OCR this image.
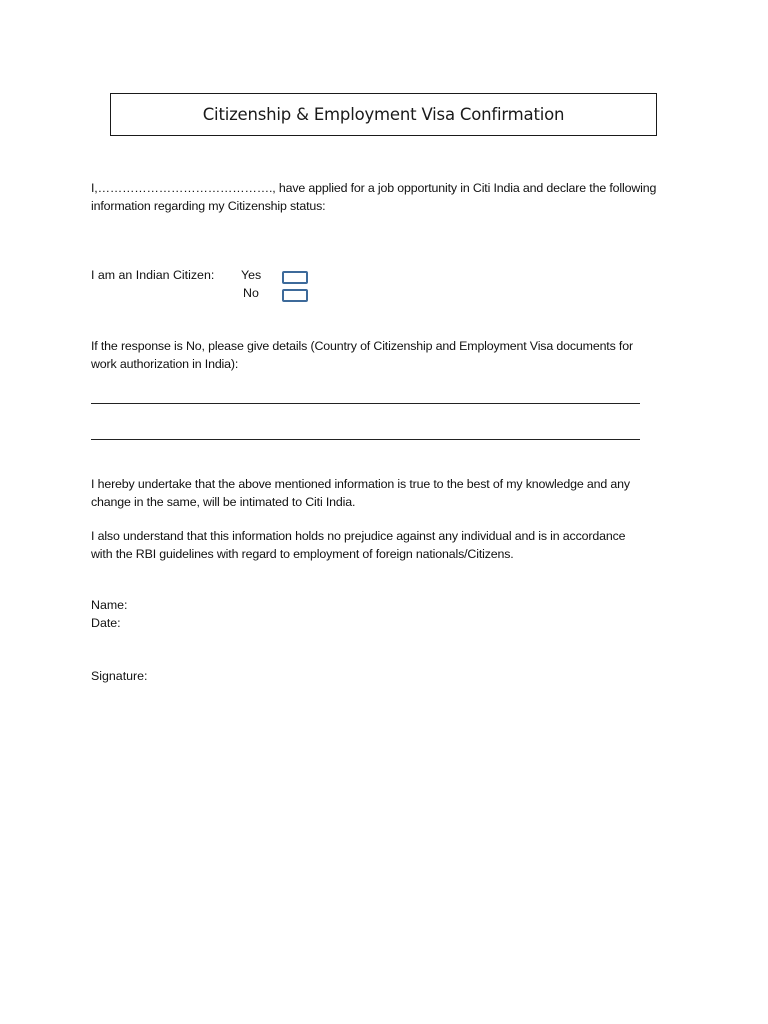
Citizenship & Employment Visa Confirmation
I,……………………………………., have applied for a job opportunity in Citi India and declare the following
information regarding my Citizenship status:
I am an Indian Citizen: Yes
No
If the response is No, please give details (Country of Citizenship and Employment Visa documents for
work authorization in India):
I hereby undertake that the above mentioned information is true to the best of my knowledge and any
change in the same, will be intimated to Citi India.
I also understand that this information holds no prejudice against any individual and is in accordance
with the RBI guidelines with regard to employment of foreign nationals/Citizens.
Name:
Date:
Signature:
